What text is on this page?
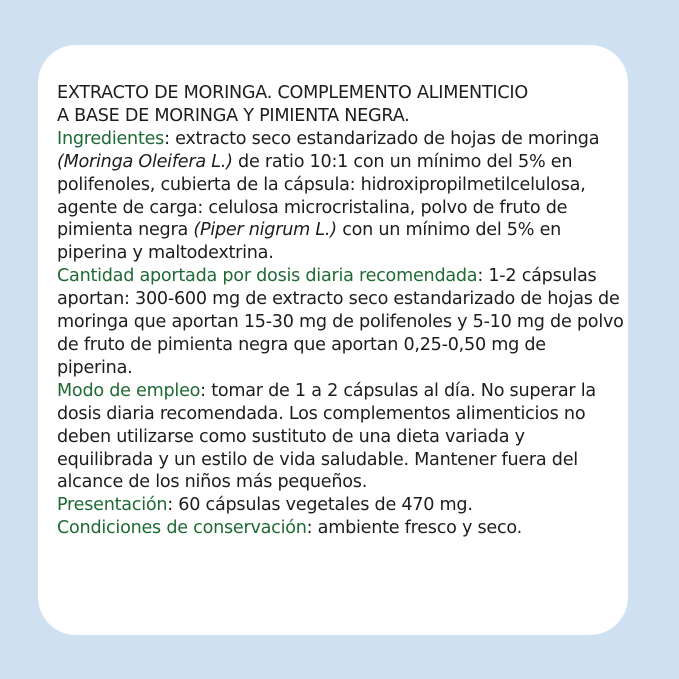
EXTRACTO DE MORINGA. COMPLEMENTO ALIMENTICIO
A BASE DE MORINGA Y PIMIENTA NEGRA.
Ingredientes: extracto seco estandarizado de hojas de moringa (Moringa Oleifera L.) de ratio 10:1 con un mínimo del 5% en polifenoles, cubierta de la cápsula: hidroxipropilmetilcelulosa, agente de carga: celulosa microcristalina, polvo de fruto de pimienta negra (Piper nigrum L.) con un mínimo del 5% en piperina y maltodextrina.
Cantidad aportada por dosis diaria recomendada: 1-2 cápsulas aportan: 300-600 mg de extracto seco estandarizado de hojas de moringa que aportan 15-30 mg de polifenoles y 5-10 mg de polvo de fruto de pimienta negra que aportan 0,25-0,50 mg de piperina.
Modo de empleo: tomar de 1 a 2 cápsulas al día. No superar la dosis diaria recomendada. Los complementos alimenticios no deben utilizarse como sustituto de una dieta variada y equilibrada y un estilo de vida saludable. Mantener fuera del alcance de los niños más pequeños.
Presentación: 60 cápsulas vegetales de 470 mg.
Condiciones de conservación: ambiente fresco y seco.
